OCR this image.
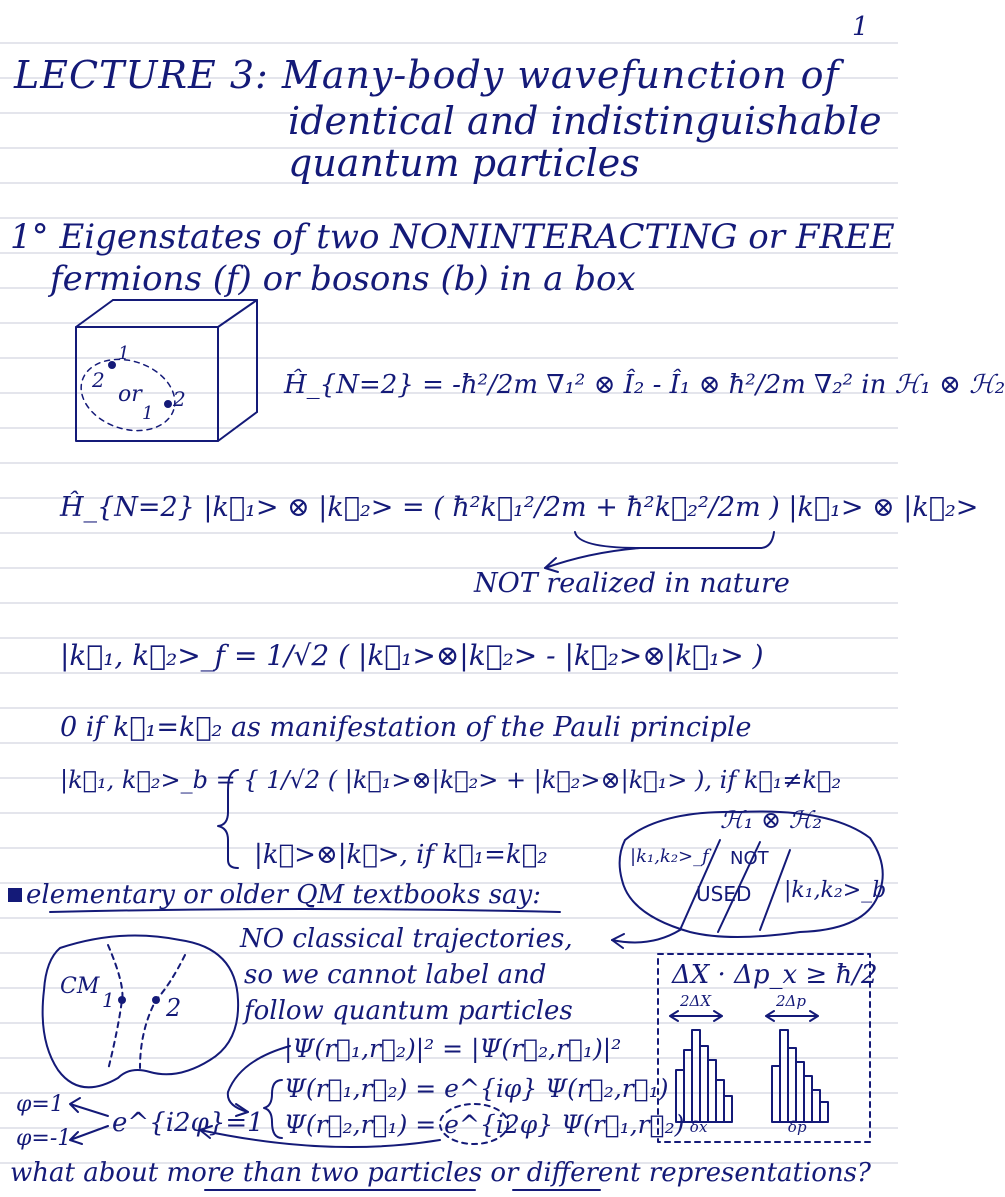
1
LECTURE 3: Many-body wavefunction of
identical and indistinguishable
quantum particles
1° Eigenstates of two NONINTERACTING or FREE
fermions (f) or bosons (b) in a box
1
2
or 2
1
Ĥ_{N=2} = -ħ²/2m ∇₁² ⊗ Î₂ - Î₁ ⊗ ħ²/2m ∇₂² in ℋ₁ ⊗ ℋ₂
Ĥ_{N=2} |k⃗₁> ⊗ |k⃗₂> = ( ħ²k⃗₁²/2m + ħ²k⃗₂²/2m ) |k⃗₁> ⊗ |k⃗₂>
NOT realized in nature
|k⃗₁, k⃗₂>_f = 1/√2 ( |k⃗₁>⊗|k⃗₂> - |k⃗₂>⊗|k⃗₁> )
0 if k⃗₁=k⃗₂ as manifestation of the Pauli principle
|k⃗₁, k⃗₂>_b = { 1/√2 ( |k⃗₁>⊗|k⃗₂> + |k⃗₂>⊗|k⃗₁> ), if k⃗₁≠k⃗₂
|k⃗>⊗|k⃗>, if k⃗₁=k⃗₂
ℋ₁ ⊗ ℋ₂
|k₁,k₂>_f NOT
USED |k₁,k₂>_b
elementary or older QM textbooks say:
NO classical trajectories,
so we cannot label and
follow quantum particles
CM
1 2
ΔX · Δp_x ≥ ħ/2
2ΔX	2Δp
δx	δp
|Ψ(r⃗₁,r⃗₂)|² = |Ψ(r⃗₂,r⃗₁)|²
Ψ(r⃗₁,r⃗₂) = e^{iφ} Ψ(r⃗₂,r⃗₁)
Ψ(r⃗₂,r⃗₁) = e^{i2φ} Ψ(r⃗₁,r⃗₂)
φ=1
φ=-1
e^{i2φ}=1
what about more than two particles or different representations?
